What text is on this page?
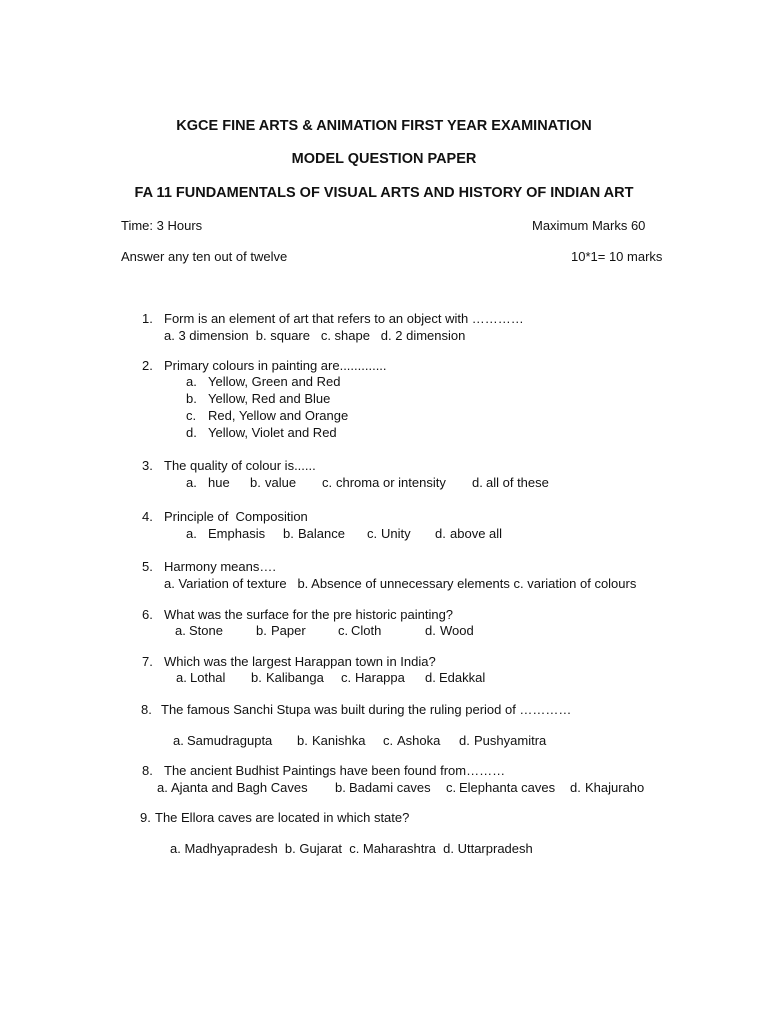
KGCE FINE ARTS & ANIMATION FIRST YEAR EXAMINATION
MODEL QUESTION PAPER
FA 11 FUNDAMENTALS OF VISUAL ARTS AND HISTORY OF INDIAN ART
Time: 3 Hours	Maximum Marks 60
Answer any ten out of twelve	10*1= 10 marks
1. Form is an element of art that refers to an object with …………
a. 3 dimension  b. square   c. shape   d. 2 dimension
2. Primary colours in painting are.............
a. Yellow, Green and Red
b. Yellow, Red and Blue
c. Red, Yellow and Orange
d. Yellow, Violet and Red
3. The quality of colour is......
a. hue b. value c. chroma or intensity d. all of these
4. Principle of  Composition
a. Emphasis b. Balance c. Unity d. above all
5. Harmony means….
a. Variation of texture   b. Absence of unnecessary elements c. variation of colours
6. What was the surface for the pre historic painting?
a. Stone	b. Paper c. Cloth	d. Wood
7. Which was the largest Harappan town in India?
a. Lothal b. Kalibanga c. Harappa d. Edakkal
8. The famous Sanchi Stupa was built during the ruling period of …………
a. Samudragupta b. Kanishka c. Ashoka d. Pushyamitra
8. The ancient Budhist Paintings have been found from………
a. Ajanta and Bagh Caves b. Badami caves c. Elephanta caves d. Khajuraho
9. The Ellora caves are located in which state?
a. Madhyapradesh  b. Gujarat  c. Maharashtra  d. Uttarpradesh
